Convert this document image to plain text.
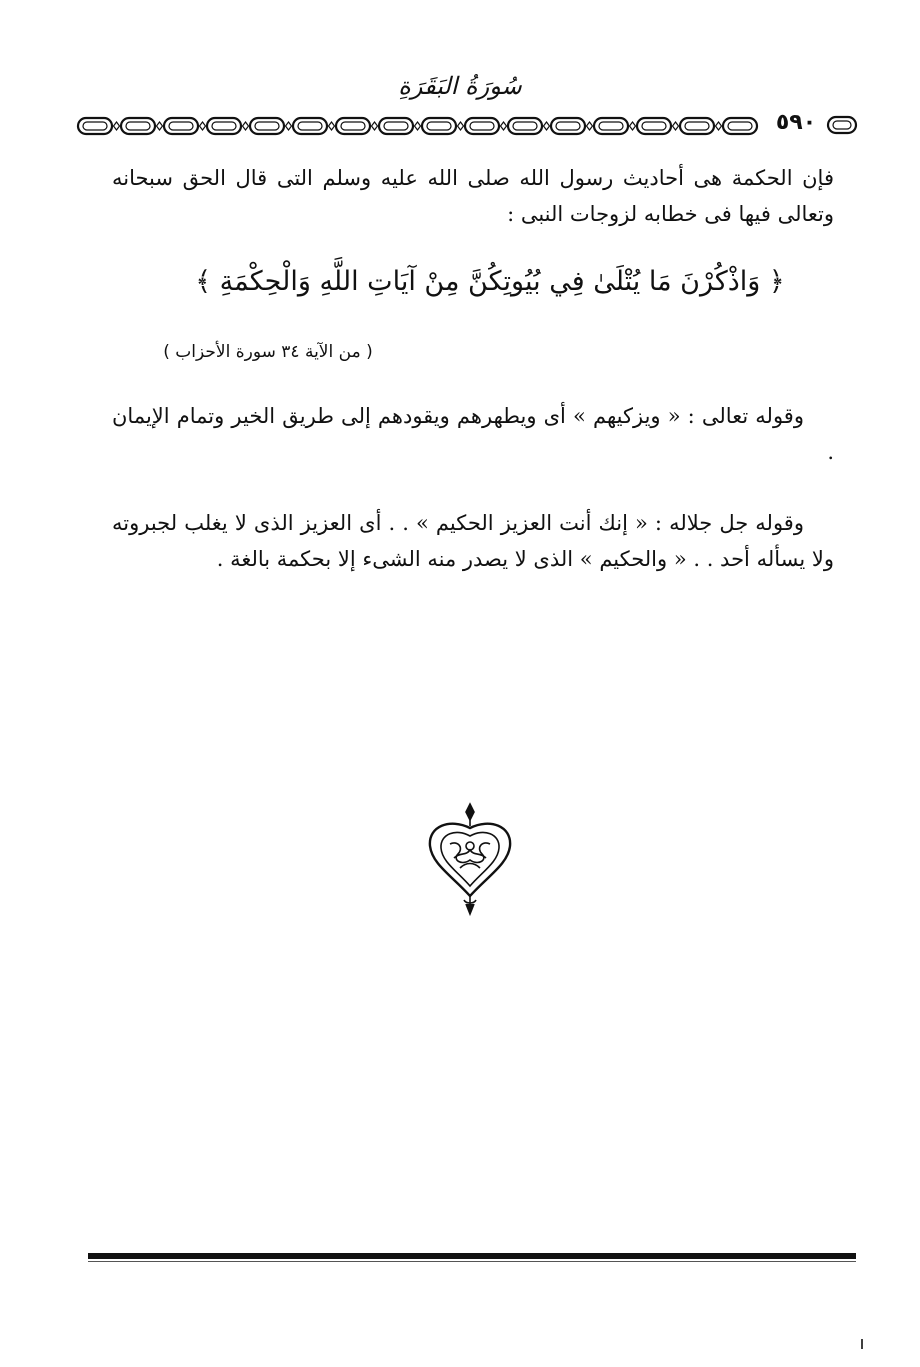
سُورَةُ البَقَرَةِ
٥٩٠
فإن الحكمة هى أحاديث رسول الله صلى الله عليه وسلم التى قال الحق سبحانه وتعالى فيها فى خطابه لزوجات النبى :
﴿ وَاذْكُرْنَ مَا يُتْلَىٰ فِي بُيُوتِكُنَّ مِنْ آيَاتِ اللَّهِ وَالْحِكْمَةِ ﴾
( من الآية ٣٤ سورة الأحزاب )
وقوله تعالى : « ويزكيهم » أى ويطهرهم ويقودهم إلى طريق الخير وتمام الإيمان .
وقوله جل جلاله : « إنك أنت العزيز الحكيم » . . أى العزيز الذى لا يغلب لجبروته ولا يسأله أحد . . « والحكيم » الذى لا يصدر منه الشىء إلا بحكمة بالغة .
